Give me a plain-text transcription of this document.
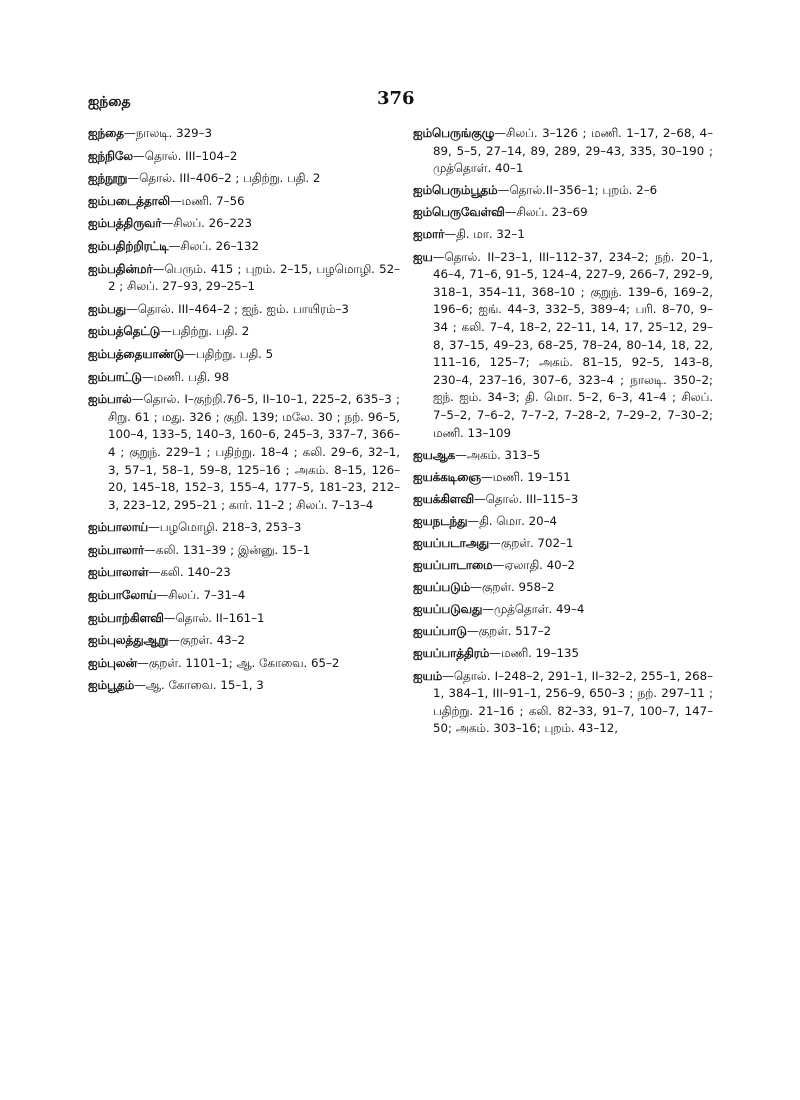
ஐந்தை	376
ஐந்தை—நாலடி. 329–3
ஐந்நிலே—தொல். III–104–2
ஐந்நூறு—தொல். III–406–2 ; பதிற்று. பதி. 2
ஐம்படைத்தாலி—மணி. 7–56
ஐம்பத்திருவர்—சிலப். 26–223
ஐம்பதிற்றிரட்டி—சிலப். 26–132
ஐம்பதின்மர்—பெரும். 415 ; புறம். 2–15, பழமொழி. 52–2 ; சிலப். 27–93, 29–25–1
ஐம்பது—தொல். III–464–2 ; ஐந். ஐம். பாயிரம்–3
ஐம்பத்தெட்டு—பதிற்று. பதி. 2
ஐம்பத்தையாண்டு—பதிற்று. பதி. 5
ஐம்பாட்டு—மணி. பதி. 98
ஐம்பால்—தொல். I–குற்றி.76–5, II–10–1, 225–2, 635–3 ; சிறு. 61 ; மது. 326 ; குறி. 139; மலே. 30 ; நற். 96–5, 100–4, 133–5, 140–3, 160–6, 245–3, 337–7, 366–4 ; குறுந். 229–1 ; பதிற்று. 18–4 ; கலி. 29–6, 32–1, 3, 57–1, 58–1, 59–8, 125–16 ; அகம். 8–15, 126–20, 145–18, 152–3, 155–4, 177–5, 181–23, 212–3, 223–12, 295–21 ; கார். 11–2 ; சிலப். 7–13–4
ஐம்பாலாய்—பழமொழி. 218–3, 253–3
ஐம்பாலார்—கலி. 131–39 ; இன்னு. 15–1
ஐம்பாலாள்—கலி. 140–23
ஐம்பாலோய்—சிலப். 7–31–4
ஐம்பாற்கிளவி—தொல். II–161–1
ஐம்புலத்துஆறு—குறள். 43–2
ஐம்புலன்—குறள். 1101–1; ஆ. கோவை. 65–2
ஐம்பூதம்—ஆ. கோவை. 15–1, 3
ஐம்பெருங்குழு—சிலப். 3–126 ; மணி. 1–17, 2–68, 4–89, 5–5, 27–14, 89, 289, 29–43, 335, 30–190 ; முத்தொள். 40–1
ஐம்பெரும்பூதம்—தொல்.II–356–1; புறம். 2–6
ஐம்பெருவேள்வி—சிலப். 23–69
ஐமார்—தி. மா. 32–1
ஐய—தொல். II–23–1, III–112–37, 234–2; நற். 20–1, 46–4, 71–6, 91–5, 124–4, 227–9, 266–7, 292–9, 318–1, 354–11, 368–10 ; குறுந். 139–6, 169–2, 196–6; ஐங். 44–3, 332–5, 389–4; பரி. 8–70, 9–34 ; கலி. 7–4, 18–2, 22–11, 14, 17, 25–12, 29–8, 37–15, 49–23, 68–25, 78–24, 80–14, 18, 22, 111–16, 125–7; அகம். 81–15, 92–5, 143–8, 230–4, 237–16, 307–6, 323–4 ; நாலடி. 350–2; ஐந். ஐம். 34–3; தி. மொ. 5–2, 6–3, 41–4 ; சிலப். 7–5–2, 7–6–2, 7–7–2, 7–28–2, 7–29–2, 7–30–2; மணி. 13–109
ஐயஆக—அகம். 313–5
ஐயக்கடிஞை—மணி. 19–151
ஐயக்கிளவி—தொல். III–115–3
ஐயநடந்து—தி. மொ. 20–4
ஐயப்படாஅது—குறள். 702–1
ஐயப்பாடாமை—ஏலாதி. 40–2
ஐயப்படும்—குறள். 958–2
ஐயப்படுவது—முத்தொள். 49–4
ஐயப்பாடு—குறள். 517–2
ஐயப்பாத்திரம்—மணி. 19–135
ஐயம்—தொல். I–248–2, 291–1, II–32–2, 255–1, 268–1, 384–1, III–91–1, 256–9, 650–3 ; நற். 297–11 ; பதிற்று. 21–16 ; கலி. 82–33, 91–7, 100–7, 147–50; அகம். 303–16; புறம். 43–12,
